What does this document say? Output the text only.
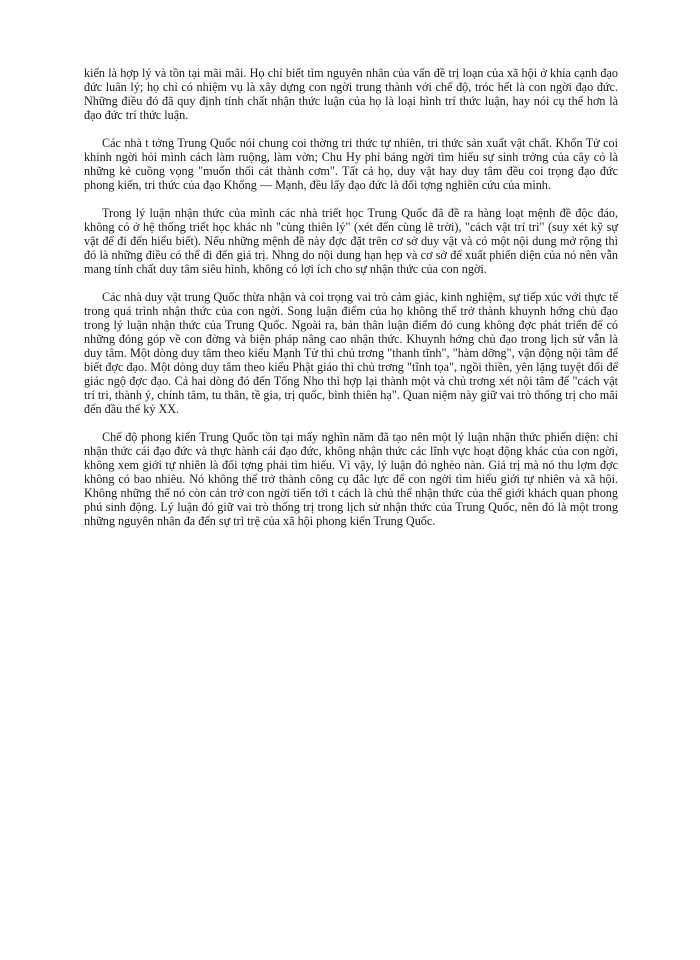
kiến là hợp lý và tồn tại mãi mãi. Họ chỉ biết tìm nguyên nhân của vấn đề trị loạn của xã hội ở khía cạnh đạo đức luân lý; họ chỉ có nhiệm vụ là xây dựng con ngời trung thành với chế độ, tróc hết là con ngời đạo đức. Những điều đó đã quy định tính chất nhận thức luận của họ là loại hình trí thức luận, hay nói cụ thể hơn là đạo đức trí thức luận.

Các nhà t tởng Trung Quốc nói chung coi thờng tri thức tự nhiên, tri thức sản xuất vật chất. Khổn Tử coi khinh ngời hỏi mình cách làm ruộng, làm vờn; Chu Hy phỉ báng ngời tìm hiểu sự sinh trởng của cây cỏ là những kẻ cuồng vọng "muốn thổi cát thành cơm". Tất cả họ, duy vật hay duy tâm đều coi trọng đạo đức phong kiến, tri thức của đạo Khổng — Mạnh, đều lấy đạo đức là đối tợng nghiên cứu của mình.

Trong lý luận nhận thức của mình các nhà triết học Trung Quốc đã đề ra hàng loạt mệnh đề độc đáo, không có ở hệ thống triết học khác nh "cùng thiên lý" (xét đến cùng lẽ trời), "cách vật trí tri" (suy xét kỹ sự vật để đi đến hiểu biết). Nếu những mệnh đề này đợc đặt trên cơ sở duy vật và có một nội dung mở rộng thì đó là những điều có thể đi đến giá trị. Nhng do nội dung hạn hẹp và cơ sở để xuất phiến diện của nó nên vẫn mang tính chất duy tâm siêu hình, không có lợi ích cho sự nhận thức của con ngời.

Các nhà duy vật trung Quốc thừa nhận và coi trọng vai trò cảm giác, kinh nghiệm, sự tiếp xúc với thực tế trong quá trình nhận thức của con ngời. Song luận điểm của họ không thể trở thành khuynh hớng chủ đạo trong lý luận nhận thức của Trung Quốc. Ngoài ra, bản thân luận điểm đó cung không đợc phát triển để có những đóng góp về con đờng và biện pháp nâng cao nhận thức. Khuynh hớng chủ đạo trong lịch sử vẫn là duy tâm. Một dòng duy tâm theo kiểu Mạnh Tử thì chủ trơng "thanh tĩnh", "hàm dỡng", vận động nội tâm để biết đợc đạo. Một dòng duy tâm theo kiểu Phật giáo thì chủ trơng "tĩnh tọa", ngồi thiền, yên lặng tuyệt đối để giác ngộ đợc đạo. Cả hai dòng đó đến Tống Nho thì hợp lại thành một và chủ trơng xét nội tâm để "cách vật trí tri, thành ý, chính tâm, tu thân, tề gia, trị quốc, bình thiên hạ". Quan niệm này giữ vai trò thống trị cho mãi đến đầu thế kỷ XX.

Chế độ phong kiến Trung Quốc tồn tại mấy nghìn năm đã tạo nên một lý luận nhận thức phiến diện: chỉ nhận thức cái đạo đức và thực hành cái đạo đức, không nhận thức các lĩnh vực hoạt động khác của con ngời, không xem giới tự nhiên là đối tợng phải tìm hiểu. Vì vậy, lý luận đó nghèo nàn. Giá trị mà nó thu lợm đợc không có bao nhiêu. Nó không thể trở thành công cụ đắc lực để con ngời tìm hiểu giới tự nhiên và xã hội. Không những thế nó còn cản trở con ngời tiến tới t cách là chủ thể nhận thức của thế giới khách quan phong phú sinh động. Lý luận đó giữ vai trò thống trị trong lịch sử nhận thức của Trung Quốc, nên đó là một trong những nguyên nhân đa đến sự trì trệ của xã hội phong kiến Trung Quốc.
